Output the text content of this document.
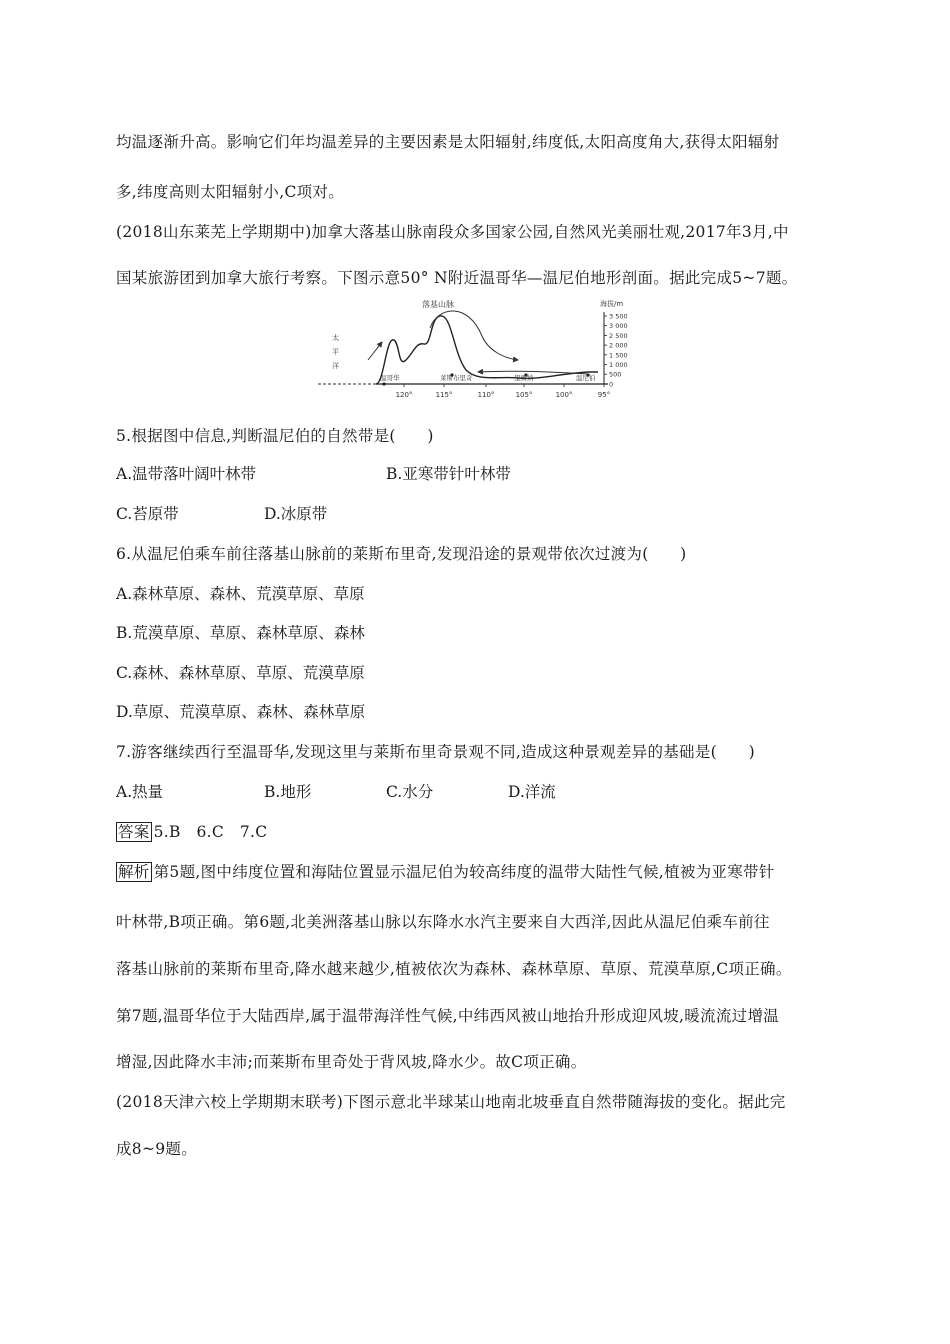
均温逐渐升高。影响它们年均温差异的主要因素是太阳辐射,纬度低,太阳高度角大,获得太阳辐射
多,纬度高则太阳辐射小,C项对。
(2018山东莱芜上学期期中)加拿大落基山脉南段众多国家公园,自然风光美丽壮观,2017年3月,中
国某旅游团到加拿大旅行考察。下图示意50° N附近温哥华—温尼伯地形剖面。据此完成5~7题。
太
平
洋
落基山脉	海拔/m
3 500
3 000
2 500
2 000
1 500
1 000
500
0
温哥华	莱斯布里奇	里贾纳	温尼伯
120°	115°	110°	105°	100°	95°
5.根据图中信息,判断温尼伯的自然带是(　　)
A.温带落叶阔叶林带	B.亚寒带针叶林带
C.苔原带	D.冰原带
6.从温尼伯乘车前往落基山脉前的莱斯布里奇,发现沿途的景观带依次过渡为(　　)
A.森林草原、森林、荒漠草原、草原
B.荒漠草原、草原、森林草原、森林
C.森林、森林草原、草原、荒漠草原
D.草原、荒漠草原、森林、森林草原
7.游客继续西行至温哥华,发现这里与莱斯布里奇景观不同,造成这种景观差异的基础是(　　)
A.热量	B.地形	C.水分	D.洋流
答案 5.B　6.C　7.C
解析 第5题,图中纬度位置和海陆位置显示温尼伯为较高纬度的温带大陆性气候,植被为亚寒带针
叶林带,B项正确。第6题,北美洲落基山脉以东降水水汽主要来自大西洋,因此从温尼伯乘车前往
落基山脉前的莱斯布里奇,降水越来越少,植被依次为森林、森林草原、草原、荒漠草原,C项正确。
第7题,温哥华位于大陆西岸,属于温带海洋性气候,中纬西风被山地抬升形成迎风坡,暖流流过增温
增湿,因此降水丰沛;而莱斯布里奇处于背风坡,降水少。故C项正确。
(2018天津六校上学期期末联考)下图示意北半球某山地南北坡垂直自然带随海拔的变化。据此完
成8~9题。
